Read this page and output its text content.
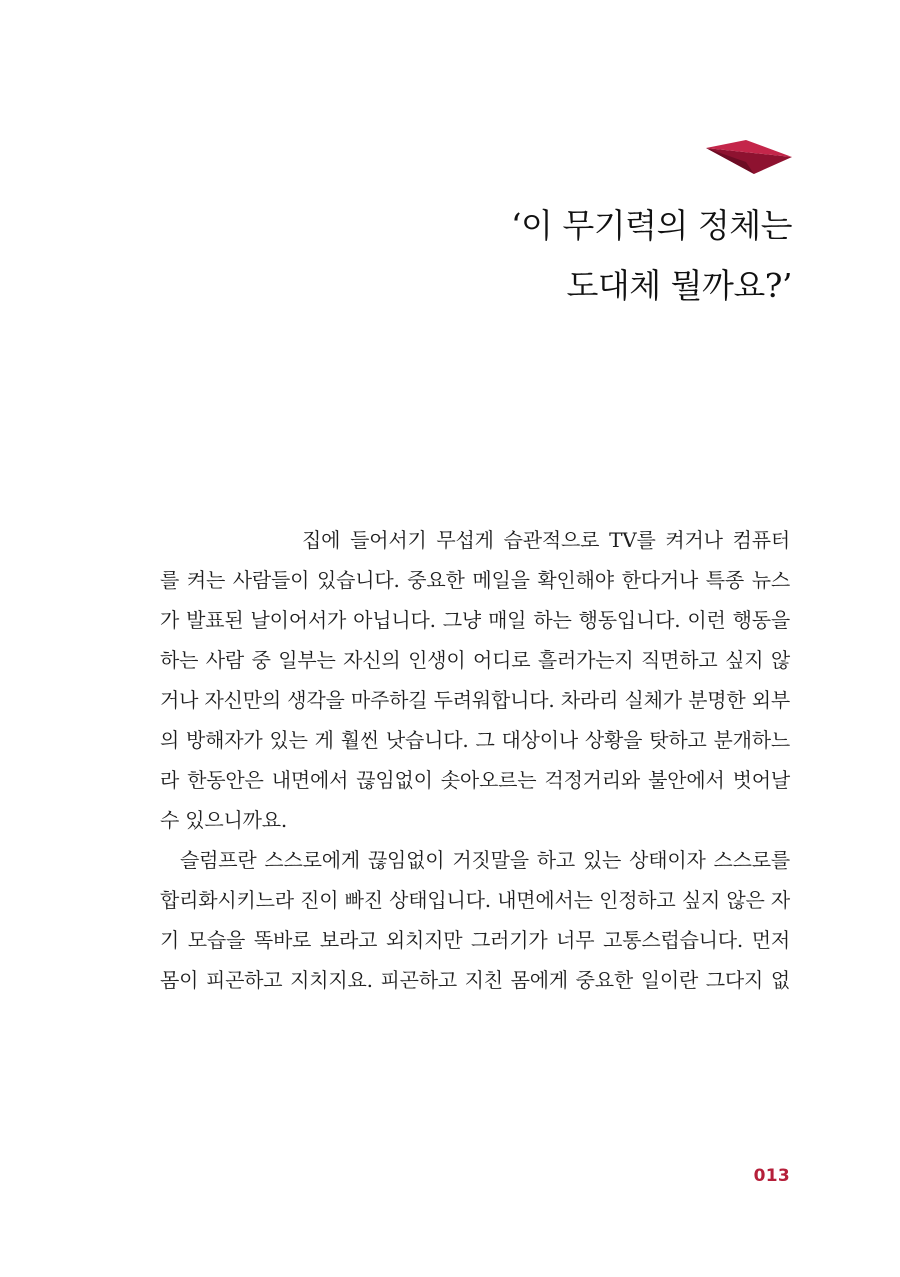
‘이 무기력의 정체는
도대체 뭘까요?’
집에 들어서기 무섭게 습관적으로 TV를 켜거나 컴퓨터
를 켜는 사람들이 있습니다. 중요한 메일을 확인해야 한다거나 특종 뉴스
가 발표된 날이어서가 아닙니다. 그냥 매일 하는 행동입니다. 이런 행동을
하는 사람 중 일부는 자신의 인생이 어디로 흘러가는지 직면하고 싶지 않
거나 자신만의 생각을 마주하길 두려워합니다. 차라리 실체가 분명한 외부
의 방해자가 있는 게 훨씬 낫습니다. 그 대상이나 상황을 탓하고 분개하느
라 한동안은 내면에서 끊임없이 솟아오르는 걱정거리와 불안에서 벗어날
수 있으니까요.
슬럼프란 스스로에게 끊임없이 거짓말을 하고 있는 상태이자 스스로를
합리화시키느라 진이 빠진 상태입니다. 내면에서는 인정하고 싶지 않은 자
기 모습을 똑바로 보라고 외치지만 그러기가 너무 고통스럽습니다. 먼저
몸이 피곤하고 지치지요. 피곤하고 지친 몸에게 중요한 일이란 그다지 없
013
